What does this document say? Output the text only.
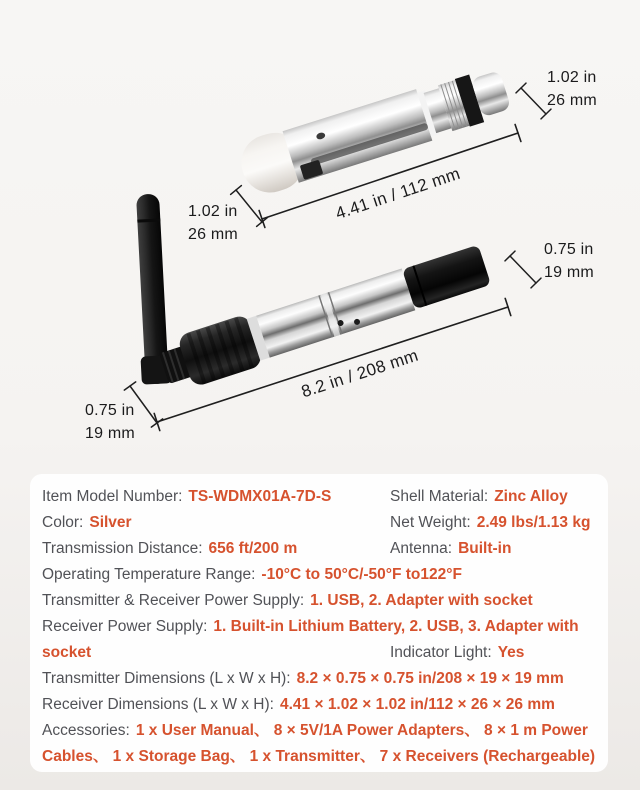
1.02 in
26 mm
4.41 in / 112 mm
1.02 in
26 mm
0.75 in
19 mm
8.2 in / 208 mm
0.75 in
19 mm
Item Model Number: TS-WDMX01A-7D-S	Shell Material: Zinc Alloy
Color: Silver	Net Weight: 2.49 lbs/1.13 kg
Transmission Distance: 656 ft/200 m	Antenna: Built-in
Operating Temperature Range: -10°C to 50°C/-50°F to122°F
Transmitter & Receiver Power Supply: 1. USB, 2. Adapter with socket
Receiver Power Supply: 1. Built-in Lithium Battery, 2. USB, 3. Adapter with
socket	Indicator Light: Yes
Transmitter Dimensions (L x W x H): 8.2 × 0.75 × 0.75 in/208 × 19 × 19 mm
Receiver Dimensions (L x W x H): 4.41 × 1.02 × 1.02 in/112 × 26 × 26 mm
Accessories: 1 x User Manual、 8 × 5V/1A Power Adapters、 8 × 1 m Power Cables、 1 x Storage Bag、 1 x Transmitter、 7 x Receivers (Rechargeable)
